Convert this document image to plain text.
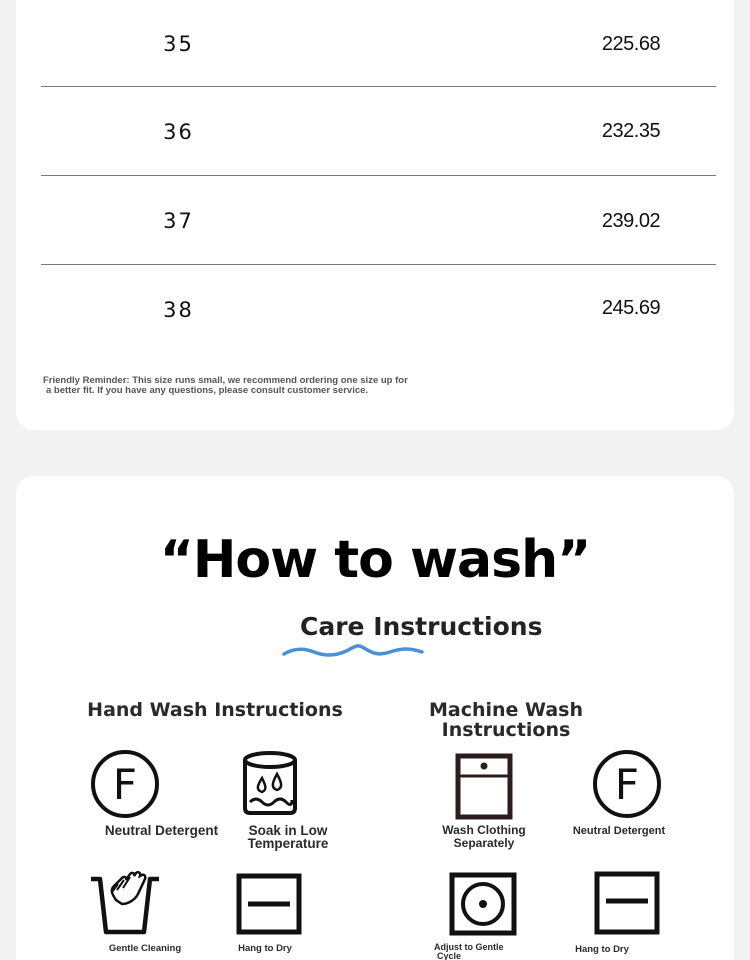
35	225.68
36	232.35
37	239.02
38	245.69
Friendly Reminder: This size runs small, we recommend ordering one size up for
a better fit. If you have any questions, please consult customer service.
“How to wash”
Care Instructions
Hand Wash Instructions
F
Neutral Detergent	Soak in Low Temperature
Gentle Cleaning	Hang to Dry
Machine Wash
Instructions
Wash Clothing
Separately
F
Neutral Detergent
Adjust to Gentle
Cycle
Hang to Dry
